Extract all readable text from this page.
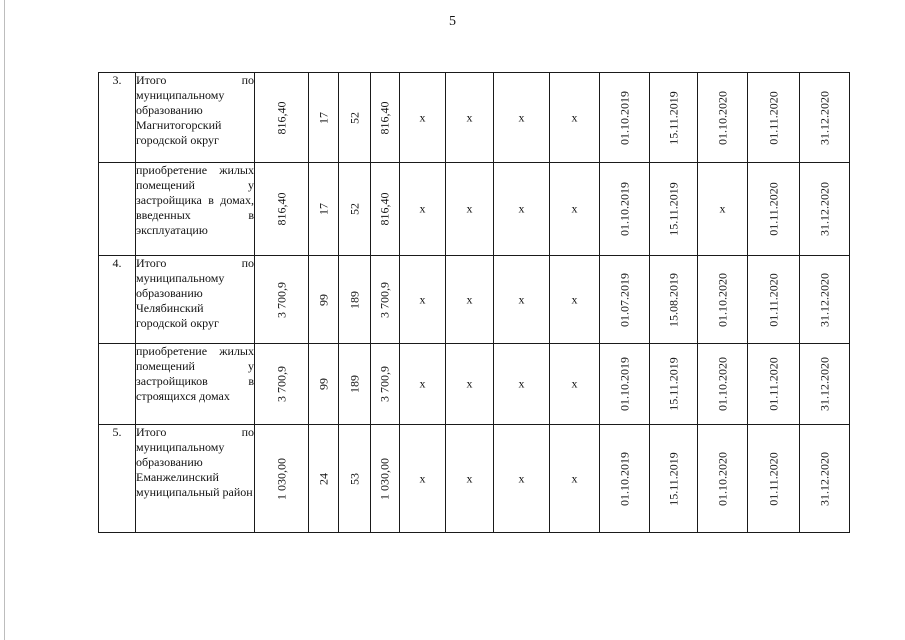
5
3.	Итого по муниципальному образованию Магнитогорский городской округ	816,40	17	52	816,40	x	x	x	x	01.10.2019	15.11.2019	01.10.2020	01.11.2020	31.12.2020

	приобретение жилых помещений у застройщика в домах, введенных в эксплуатацию	816,40	17	52	816,40	x	x	x	x	01.10.2019	15.11.2019	x	01.11.2020	31.12.2020

4.	Итого по муниципальному образованию Челябинский городской округ	3 700,9	99	189	3 700,9	x	x	x	x	01.07.2019	15.08.2019	01.10.2020	01.11.2020	31.12.2020

	приобретение жилых помещений у застройщиков в строящихся домах	3 700,9	99	189	3 700,9	x	x	x	x	01.10.2019	15.11.2019	01.10.2020	01.11.2020	31.12.2020

5.	Итого по муниципальному образованию Еманжелинский муниципальный район	1 030,00	24	53	1 030,00	x	x	x	x	01.10.2019	15.11.2019	01.10.2020	01.11.2020	31.12.2020
